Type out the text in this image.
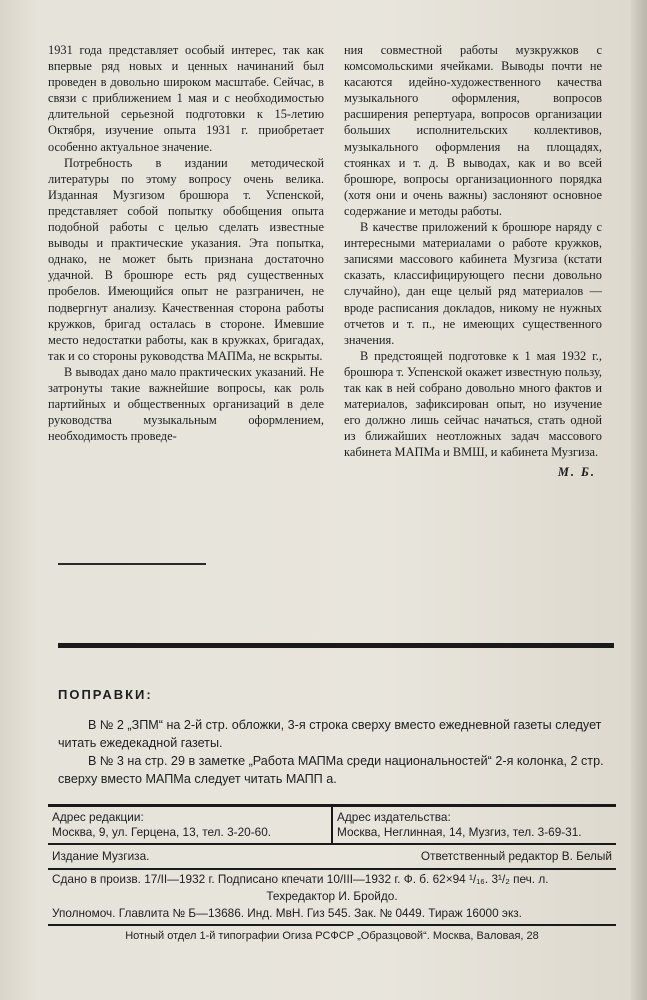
1931 года представляет особый интерес, так как впервые ряд новых и ценных начинаний был проведен в довольно широком масштабе. Сейчас, в связи с приближением 1 мая и с необходимостью длительной серьезной подготовки к 15-летию Октября, изучение опыта 1931 г. приобретает особенно актуальное значение.

Потребность в издании методической литературы по этому вопросу очень велика. Изданная Музгизом брошюра т. Успенской, представляет собой попытку обобщения опыта подобной работы с целью сделать известные выводы и практические указания. Эта попытка, однако, не может быть признана достаточно удачной. В брошюре есть ряд существенных пробелов. Имеющийся опыт не разграничен, не подвергнут анализу. Качественная сторона работы кружков, бригад осталась в стороне. Имевшие место недостатки работы, как в кружках, бригадах, так и со стороны руководства МАПМа, не вскрыты.

В выводах дано мало практических указаний. Не затронуты такие важнейшие вопросы, как роль партийных и общественных организаций в деле руководства музыкальным оформлением, необходимость проведе-

ния совместной работы музкружков с комсомольскими ячейками. Выводы почти не касаются идейно-художественного качества музыкального оформления, вопросов расширения репертуара, вопросов организации больших исполнительских коллективов, музыкального оформления на площадях, стоянках и т. д. В выводах, как и во всей брошюре, вопросы организационного порядка (хотя они и очень важны) заслоняют основное содержание и методы работы.

В качестве приложений к брошюре наряду с интересными материалами о работе кружков, записями массового кабинета Музгиза (кстати сказать, классифицирующего песни довольно случайно), дан еще целый ряд материалов — вроде расписания докладов, никому не нужных отчетов и т. п., не имеющих существенного значения.

В предстоящей подготовке к 1 мая 1932 г., брошюра т. Успенской окажет известную пользу, так как в ней собрано довольно много фактов и материалов, зафиксирован опыт, но изучение его должно лишь сейчас начаться, стать одной из ближайших неотложных задач массового кабинета МАПМа и ВМШ, и кабинета Музгиза.

М. Б.
ПОПРАВКИ:

В № 2 „ЗПМ“ на 2-й стр. обложки, 3-я строка сверху вместо ежедневной газеты следует читать ежедекадной газеты.

В № 3 на стр. 29 в заметке „Работа МАПМа среди национальностей“ 2-я колонка, 2 стр. сверху вместо МАПМа следует читать МАПП а.

Адрес редакции:
Москва, 9, ул. Герцена, 13, тел. 3-20-60.
Адрес издательства:
Москва, Неглинная, 14, Музгиз, тел. 3-69-31.
Издание Музгиза.	Ответственный редактор В. Белый
Сдано в произв. 17/II—1932 г. Подписано кпечати 10/III—1932 г. Ф. б. 62×94 ¹/₁₆. 3¹/₂ печ. л.
Техредактор И. Бройдо.
Уполномоч. Главлита № Б—13686. Инд. МвН. Гиз 545. Зак. № 0449. Тираж 16000 экз.
Нотный отдел 1-й типографии Огиза РСФСР „Образцовой“. Москва, Валовая, 28
